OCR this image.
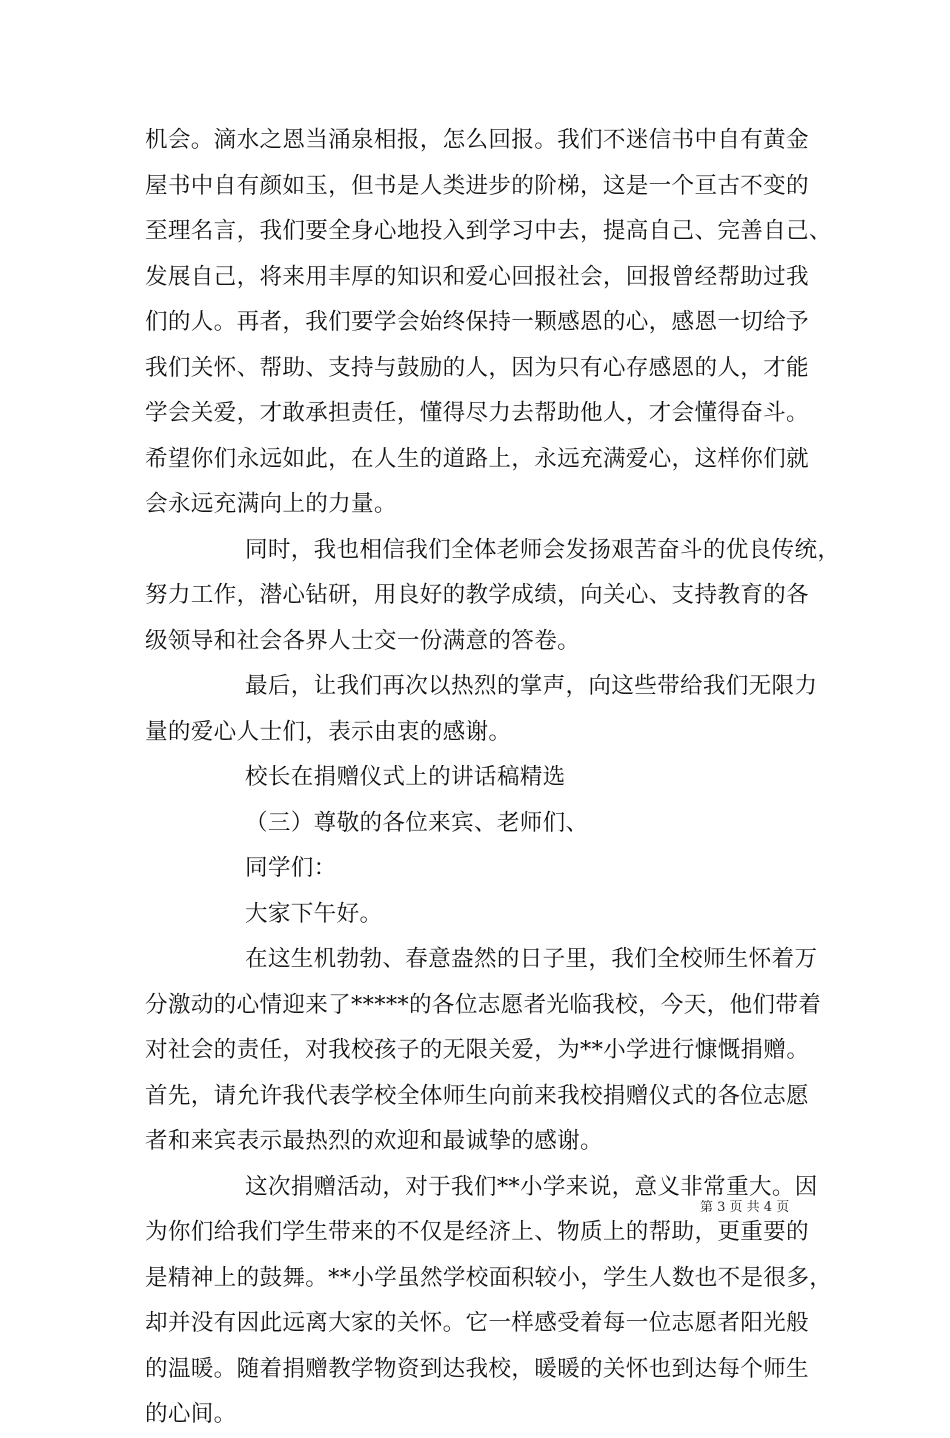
机会。滴水之恩当涌泉相报，怎么回报。我们不迷信书中自有黄金
屋书中自有颜如玉，但书是人类进步的阶梯，这是一个亘古不变的
至理名言，我们要全身心地投入到学习中去，提高自己、完善自己、
发展自己，将来用丰厚的知识和爱心回报社会，回报曾经帮助过我
们的人。再者，我们要学会始终保持一颗感恩的心，感恩一切给予
我们关怀、帮助、支持与鼓励的人，因为只有心存感恩的人，才能
学会关爱，才敢承担责任，懂得尽力去帮助他人，才会懂得奋斗。
希望你们永远如此，在人生的道路上，永远充满爱心，这样你们就
会永远充满向上的力量。
同时，我也相信我们全体老师会发扬艰苦奋斗的优良传统，
努力工作，潜心钻研，用良好的教学成绩，向关心、支持教育的各
级领导和社会各界人士交一份满意的答卷。
最后，让我们再次以热烈的掌声，向这些带给我们无限力
量的爱心人士们，表示由衷的感谢。
校长在捐赠仪式上的讲话稿精选
（三）尊敬的各位来宾、老师们、
同学们：
大家下午好。
在这生机勃勃、春意盎然的日子里，我们全校师生怀着万
分激动的心情迎来了*****的各位志愿者光临我校，今天，他们带着
对社会的责任，对我校孩子的无限关爱，为**小学进行慷慨捐赠。
首先，请允许我代表学校全体师生向前来我校捐赠仪式的各位志愿
者和来宾表示最热烈的欢迎和最诚挚的感谢。
这次捐赠活动，对于我们**小学来说，意义非常重大。因
为你们给我们学生带来的不仅是经济上、物质上的帮助，更重要的
是精神上的鼓舞。**小学虽然学校面积较小，学生人数也不是很多，
却并没有因此远离大家的关怀。它一样感受着每一位志愿者阳光般
的温暖。随着捐赠教学物资到达我校，暖暖的关怀也到达每个师生
的心间。
第 3 页 共 4 页
